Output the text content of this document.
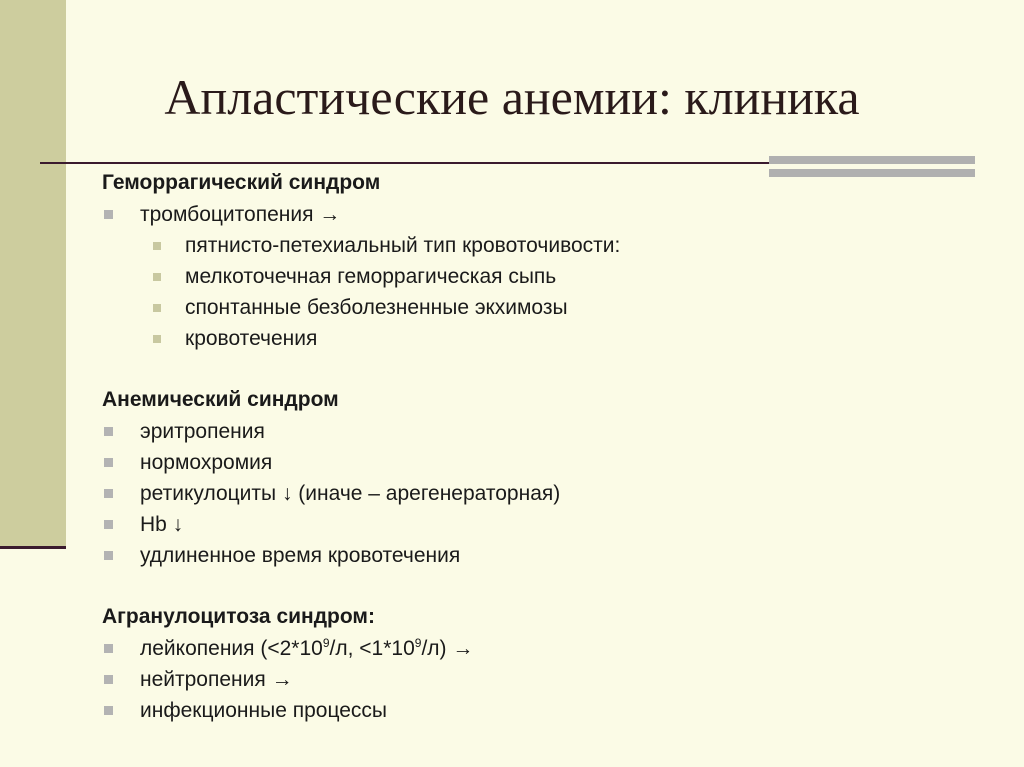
Апластические анемии: клиника
Геморрагический синдром
тромбоцитопения →
пятнисто-петехиальный тип кровоточивости:
мелкоточечная геморрагическая сыпь
спонтанные безболезненные экхимозы
кровотечения
Анемический синдром
эритропения
нормохромия
ретикулоциты ↓ (иначе – арегенераторная)
Hb ↓
удлиненное время кровотечения
Агранулоцитоза синдром:
лейкопения ($<2*10^9/л$, $<1*10^9/л$) →
нейтропения →
инфекционные процессы
